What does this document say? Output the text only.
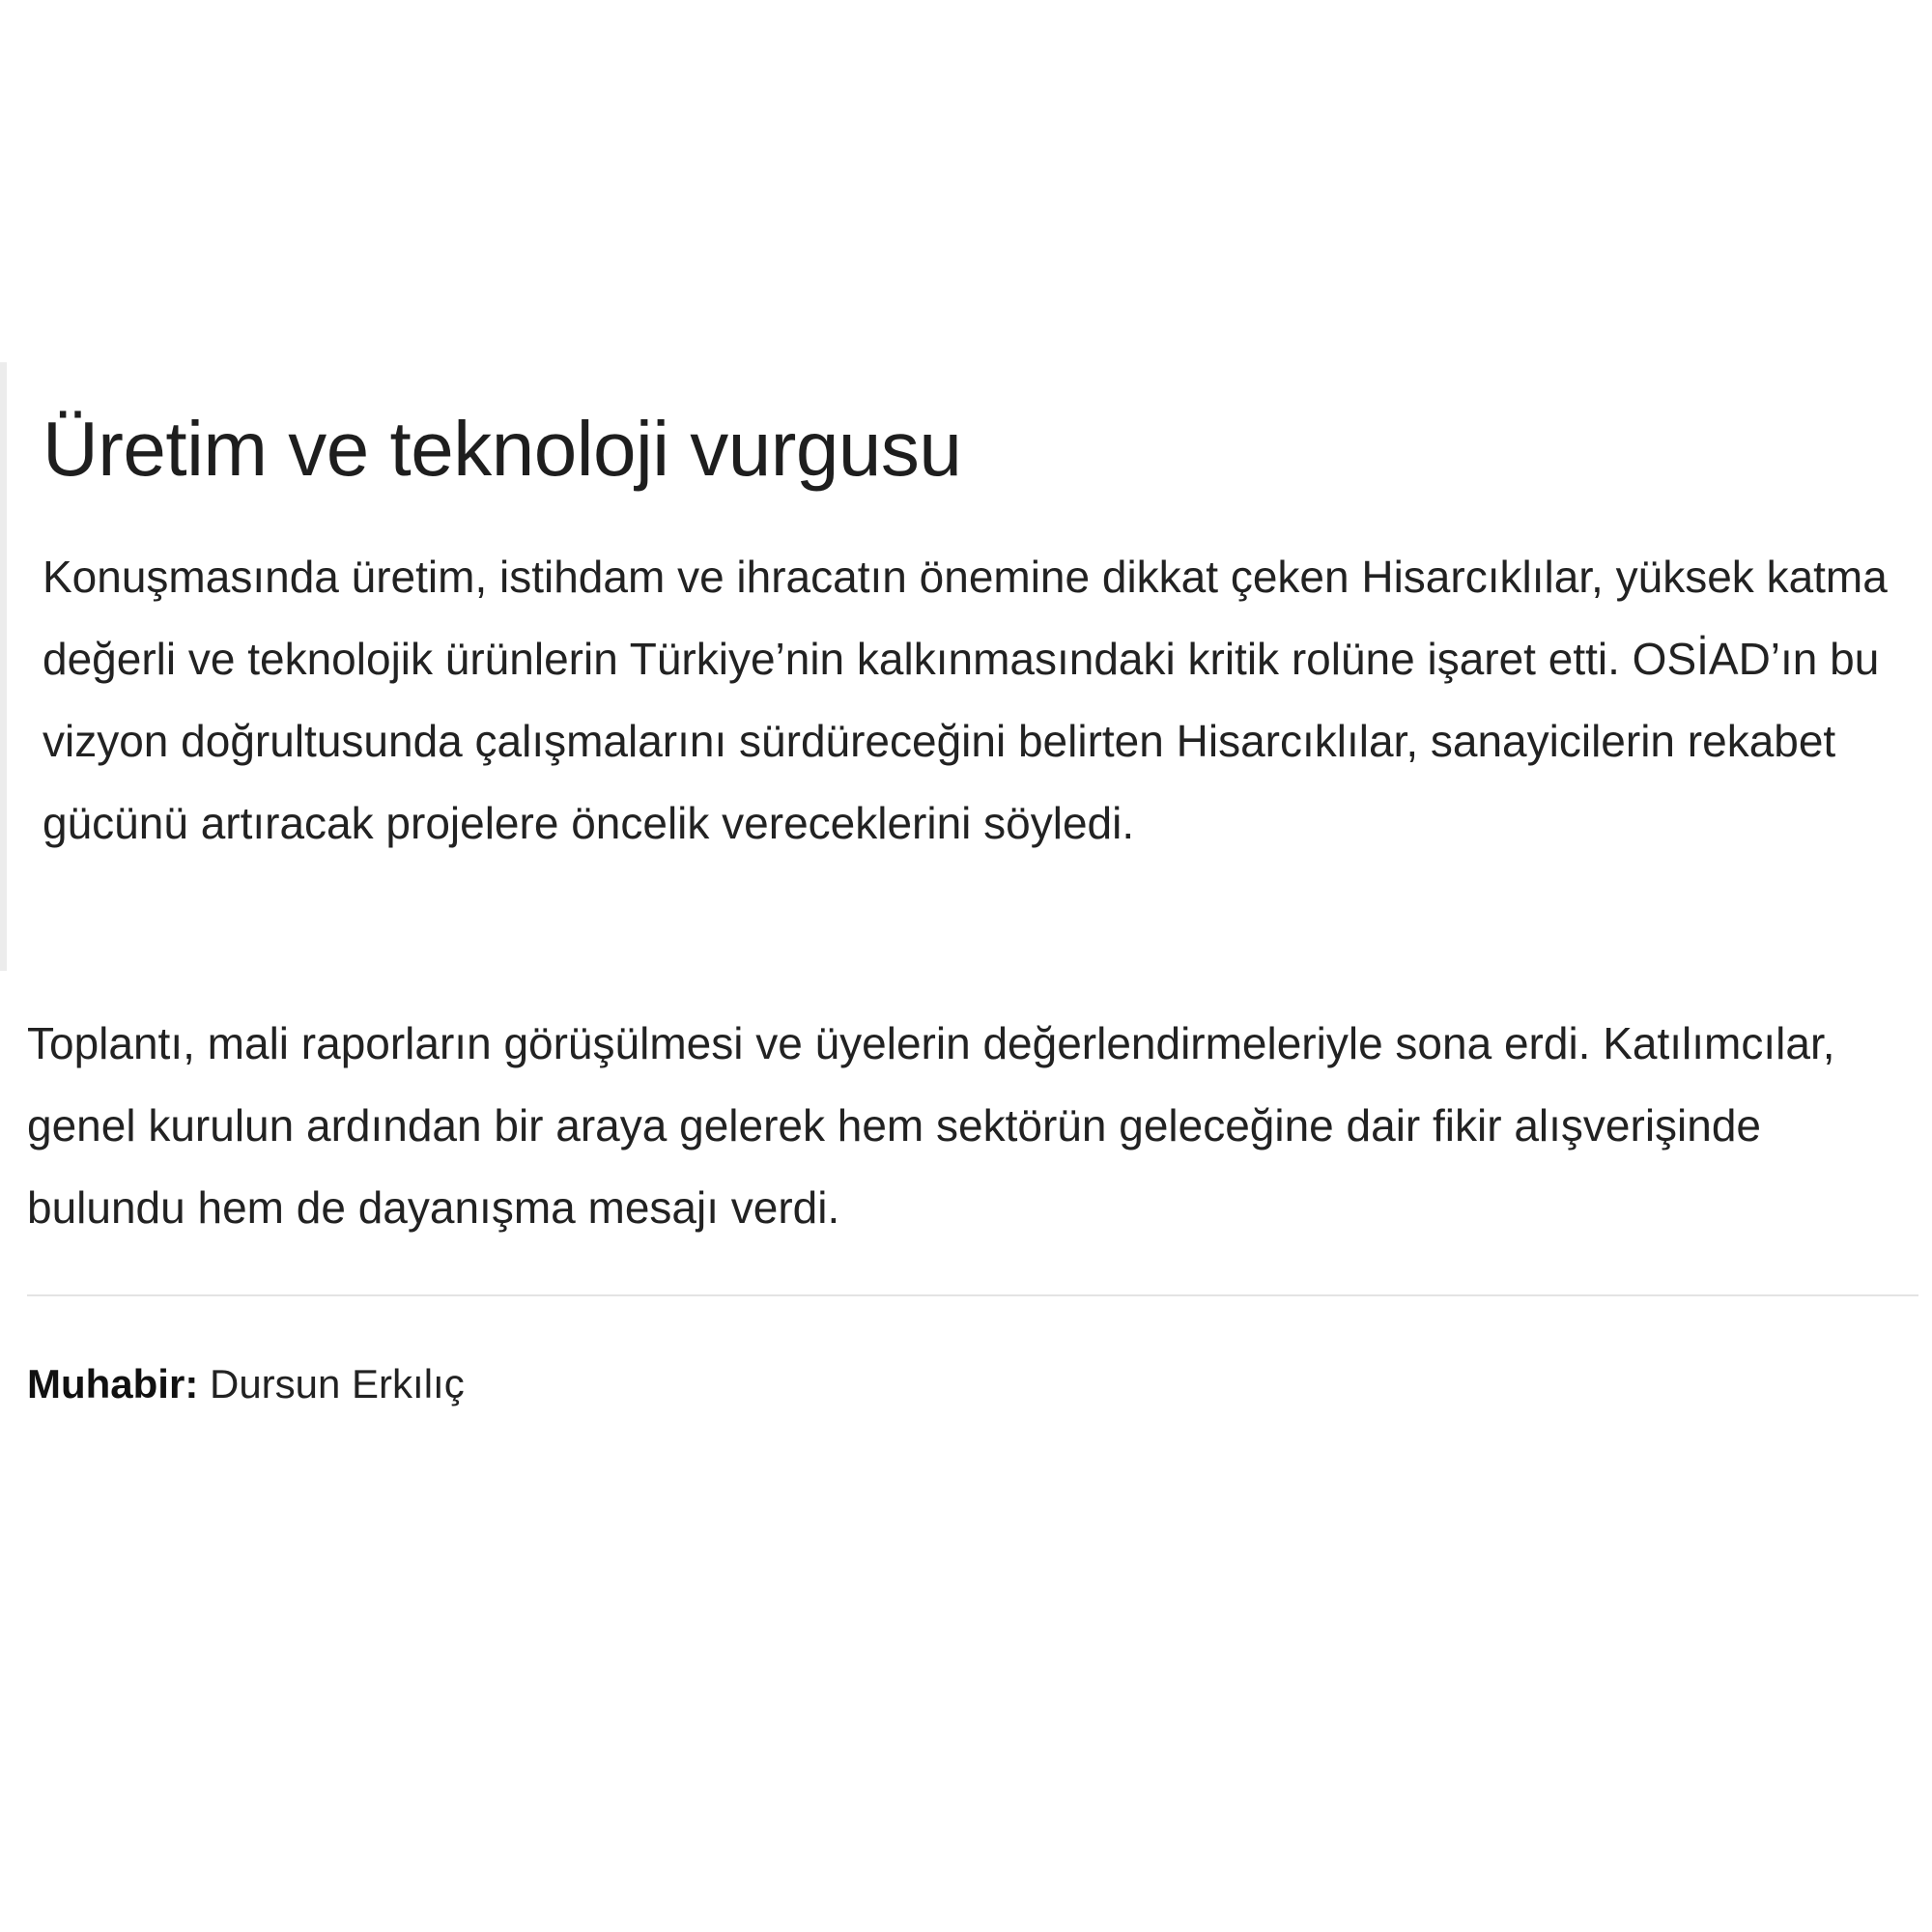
Üretim ve teknoloji vurgusu

Konuşmasında üretim, istihdam ve ihracatın önemine dikkat çeken Hisarcıklılar, yüksek katma değerli ve teknolojik ürünlerin Türkiye’nin kalkınmasındaki kritik rolüne işaret etti. OSİAD’ın bu vizyon doğrultusunda çalışmalarını sürdüreceğini belirten Hisarcıklılar, sanayicilerin rekabet gücünü artıracak projelere öncelik vereceklerini söyledi.

Toplantı, mali raporların görüşülmesi ve üyelerin değerlendirmeleriyle sona erdi. Katılımcılar, genel kurulun ardından bir araya gelerek hem sektörün geleceğine dair fikir alışverişinde bulundu hem de dayanışma mesajı verdi.

Muhabir: Dursun Erkılıç
